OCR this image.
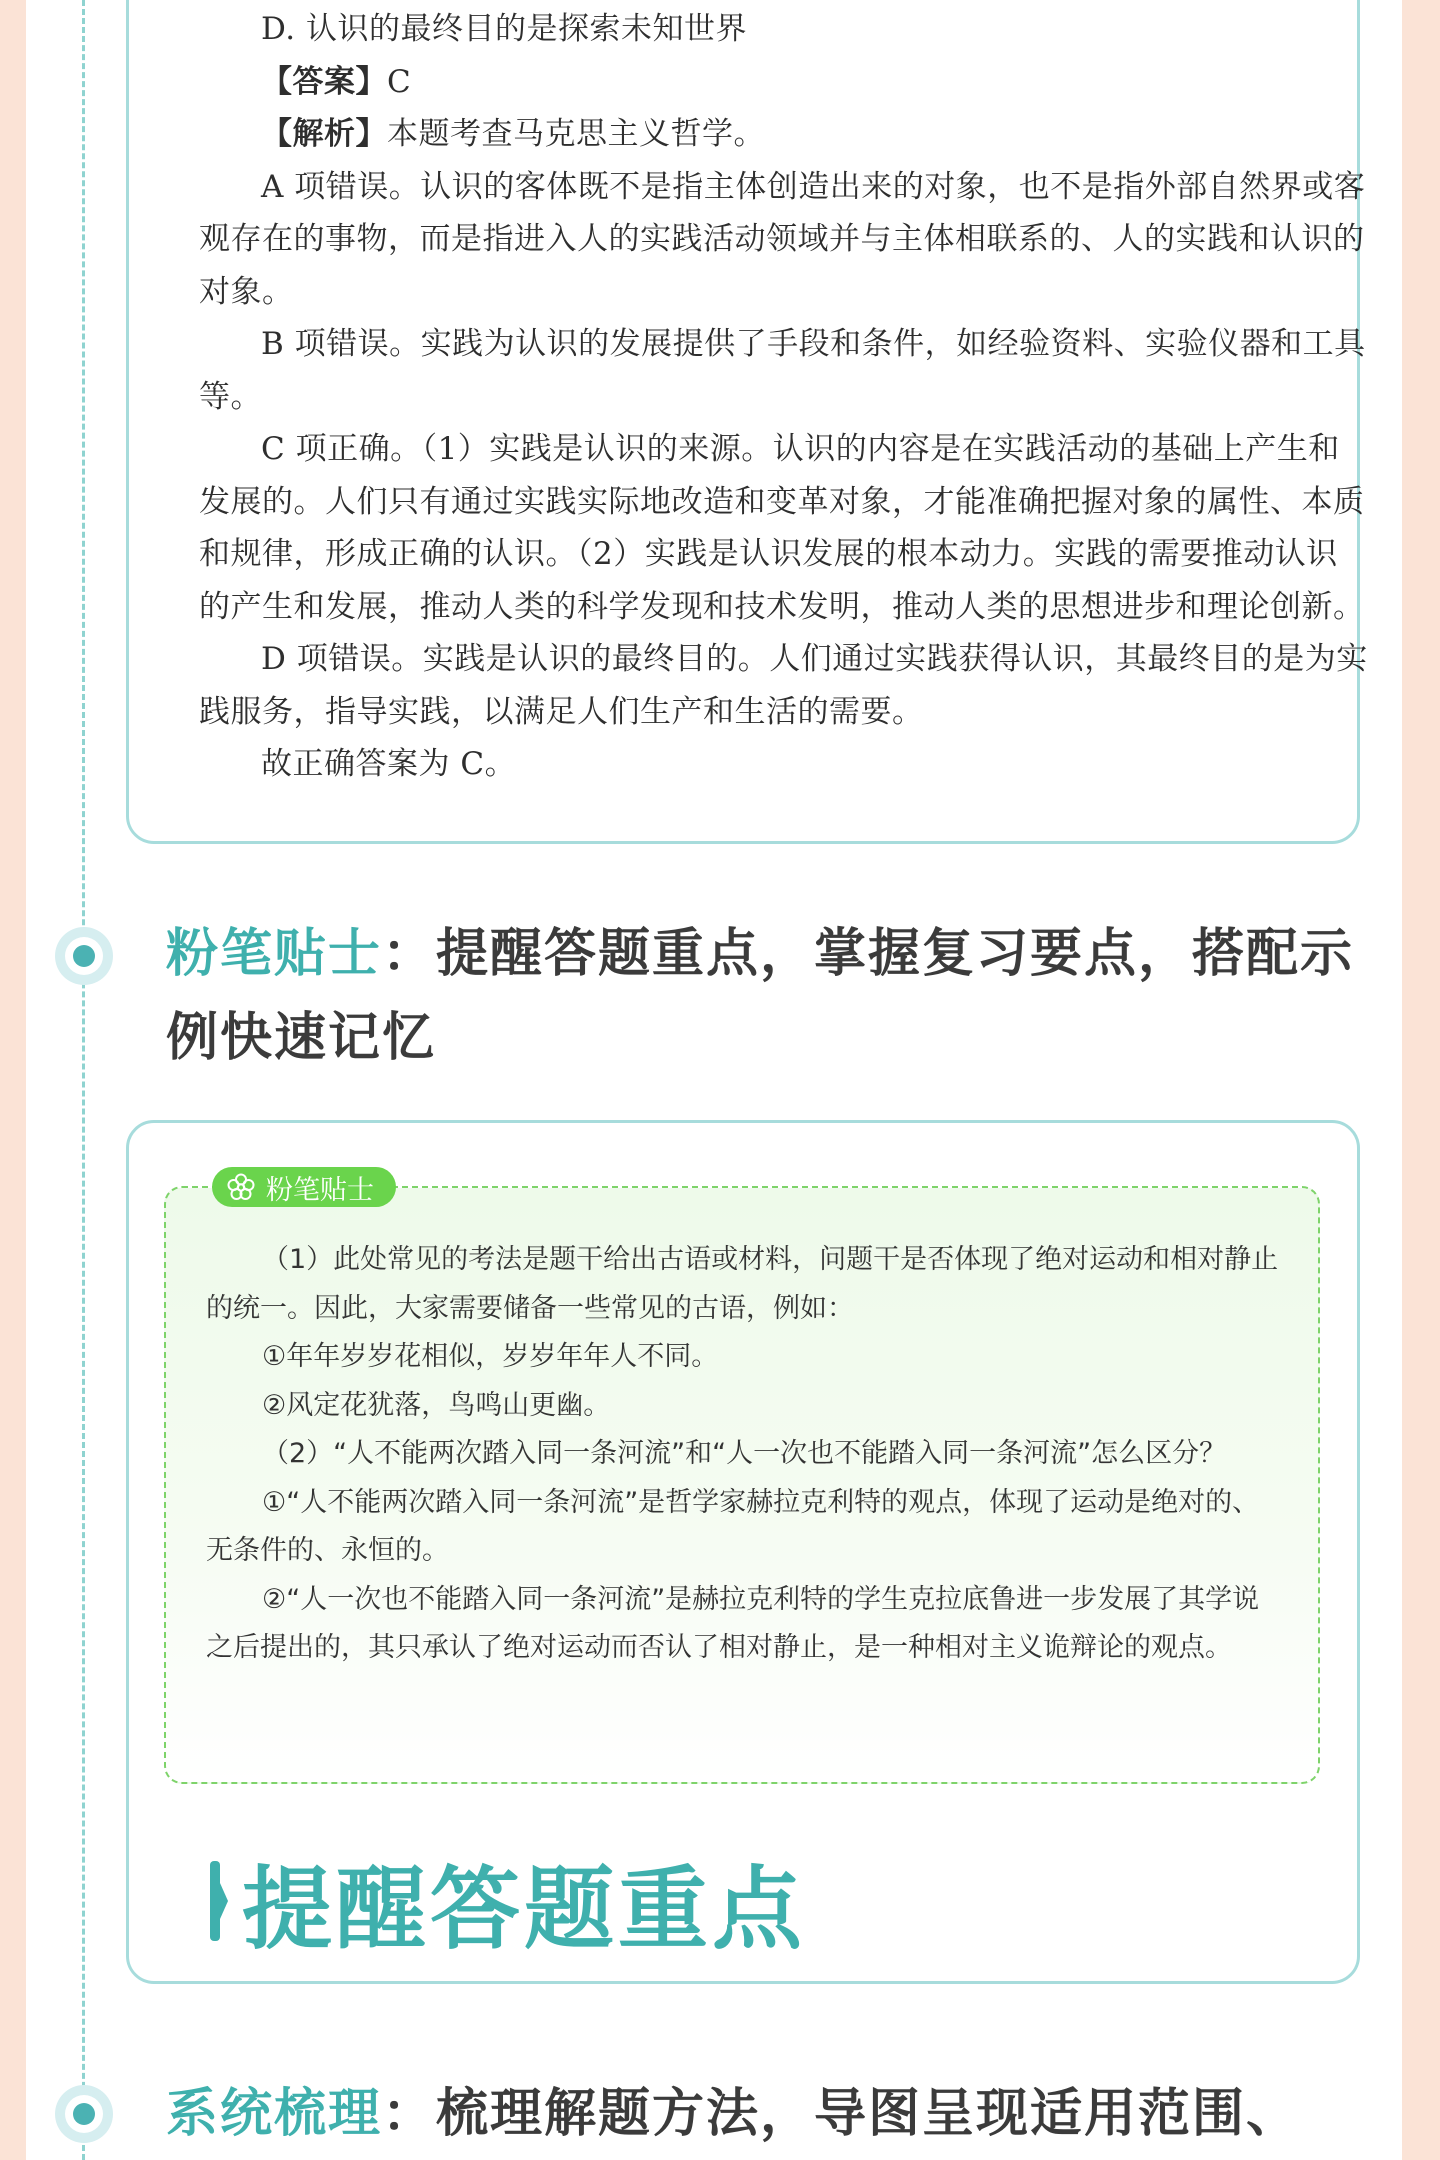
D. 认识的最终目的是探索未知世界

【答案】C

【解析】本题考查马克思主义哲学。

A 项错误。认识的客体既不是指主体创造出来的对象，也不是指外部自然界或客观存在的事物，而是指进入人的实践活动领域并与主体相联系的、人的实践和认识的对象。

B 项错误。实践为认识的发展提供了手段和条件，如经验资料、实验仪器和工具等。

C 项正确。（1）实践是认识的来源。认识的内容是在实践活动的基础上产生和发展的。人们只有通过实践实际地改造和变革对象，才能准确把握对象的属性、本质和规律，形成正确的认识。（2）实践是认识发展的根本动力。实践的需要推动认识的产生和发展，推动人类的科学发现和技术发明，推动人类的思想进步和理论创新。

D 项错误。实践是认识的最终目的。人们通过实践获得认识，其最终目的是为实践服务，指导实践，以满足人们生产和生活的需要。

故正确答案为 C。

粉笔贴士：提醒答题重点，掌握复习要点，搭配示例快速记忆
粉笔贴士

（1）此处常见的考法是题干给出古语或材料，问题干是否体现了绝对运动和相对静止的统一。因此，大家需要储备一些常见的古语，例如：

①年年岁岁花相似，岁岁年年人不同。

②风定花犹落，鸟鸣山更幽。

（2）“人不能两次踏入同一条河流”和“人一次也不能踏入同一条河流”怎么区分？

①“人不能两次踏入同一条河流”是哲学家赫拉克利特的观点，体现了运动是绝对的、无条件的、永恒的。

②“人一次也不能踏入同一条河流”是赫拉克利特的学生克拉底鲁进一步发展了其学说之后提出的，其只承认了绝对运动而否认了相对静止，是一种相对主义诡辩论的观点。

提醒答题重点
系统梳理：梳理解题方法，导图呈现适用范围、
